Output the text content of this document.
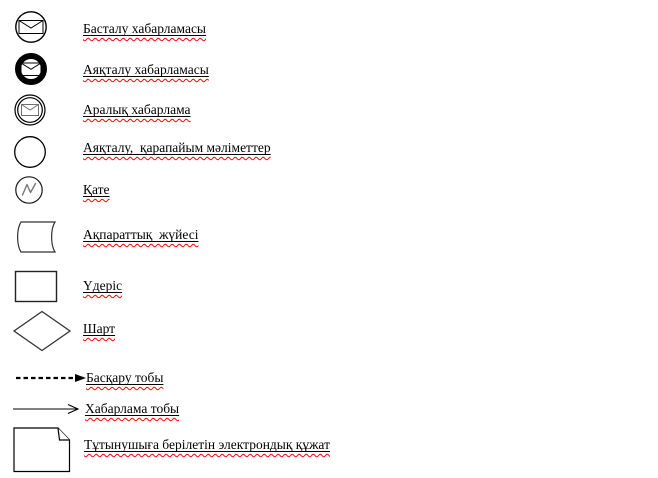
Басталу хабарламасы
Аяқталу хабарламасы
Аралық хабарлама
Аяқталу,  қарапайым мәліметтер
Қате
Ақпараттық  жүйесі
Үдеріс
Шарт
Басқару тобы
Хабарлама тобы
Тұтынушыға берілетін электрондық құжат
